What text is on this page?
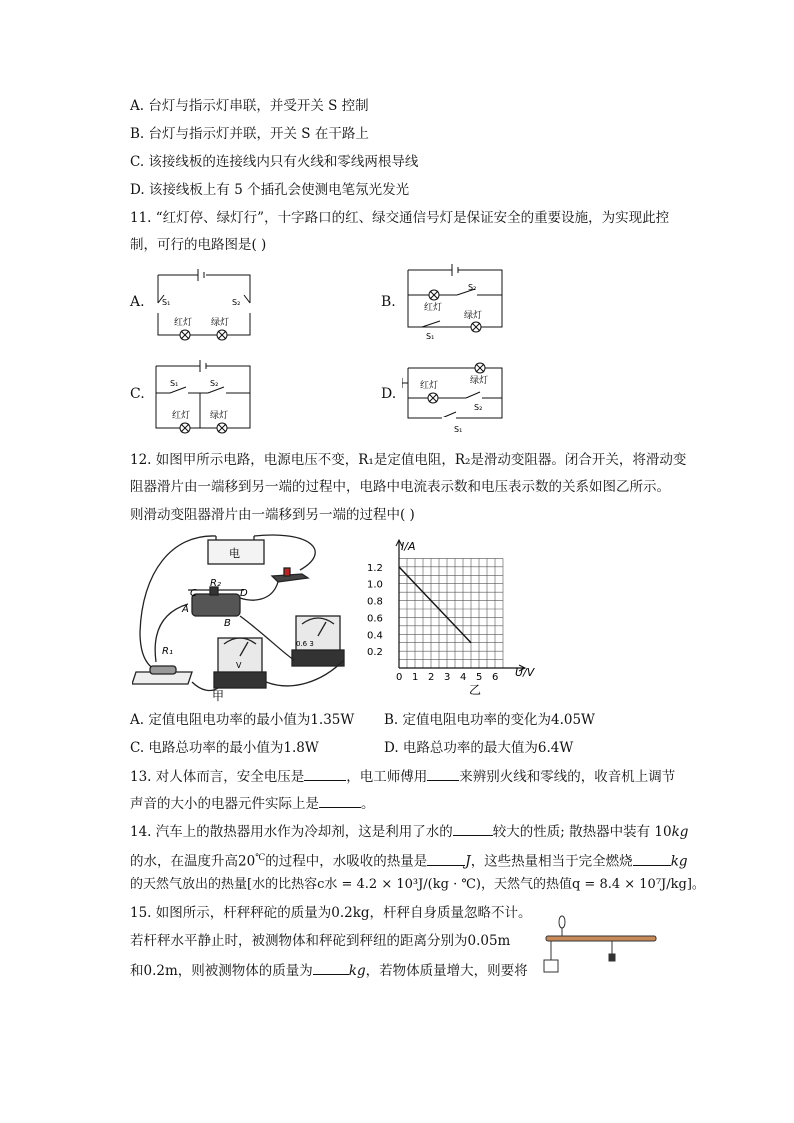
A. 台灯与指示灯串联，并受开关 S 控制
B. 台灯与指示灯并联，开关 S 在干路上
C. 该接线板的连接线内只有火线和零线两根导线
D. 该接线板上有 5 个插孔会使测电笔氖光发光
11. “红灯停、绿灯行”，十字路口的红、绿交通信号灯是保证安全的重要设施，为实现此控
制，可行的电路图是( )
A.	B.
C.	D.
S₁	S₂
红灯 绿灯
S₂
红灯
绿灯
S₁
S₁	S₂
红灯 绿灯
绿灯
红灯
S₂
S₁
12. 如图甲所示电路，电源电压不变，R₁是定值电阻，R₂是滑动变阻器。闭合开关，将滑动变
阻器滑片由一端移到另一端的过程中，电路中电流表示数和电压表示数的关系如图乙所示。
则滑动变阻器滑片由一端移到另一端的过程中( )
电
R₂
C	D
A
B
R₁
0.6 3
V
甲
0 1 2 3 4 5 6
0.2
0.4
0.6
0.8
1.0
1.2
I/A
U/V
乙
A. 定值电阻电功率的最小值为1.35W B. 定值电阻电功率的变化为4.05W
C. 电路总功率的最小值为1.8W	D. 电路总功率的最大值为6.4W
13. 对人体而言，安全电压是	，电工师傅用 来辨别火线和零线的，收音机上调节
声音的大小的电器元件实际上是	。
14. 汽车上的散热器用水作为冷却剂，这是利用了水的	较大的性质; 散热器中装有 10kg
的水，在温度升高20℃的过程中，水吸收的热量是	J，这些热量相当于完全燃烧	kg
的天然气放出的热量[水的比热容c水 = 4.2 × 10³J/(kg · ℃)，天然气的热值q = 8.4 × 10⁷J/kg]。
15. 如图所示，杆秤秤砣的质量为0.2kg，杆秤自身质量忽略不计。
若杆秤水平静止时，被测物体和秤砣到秤纽的距离分别为0.05m
和0.2m，则被测物体的质量为	kg，若物体质量增大，则要将
